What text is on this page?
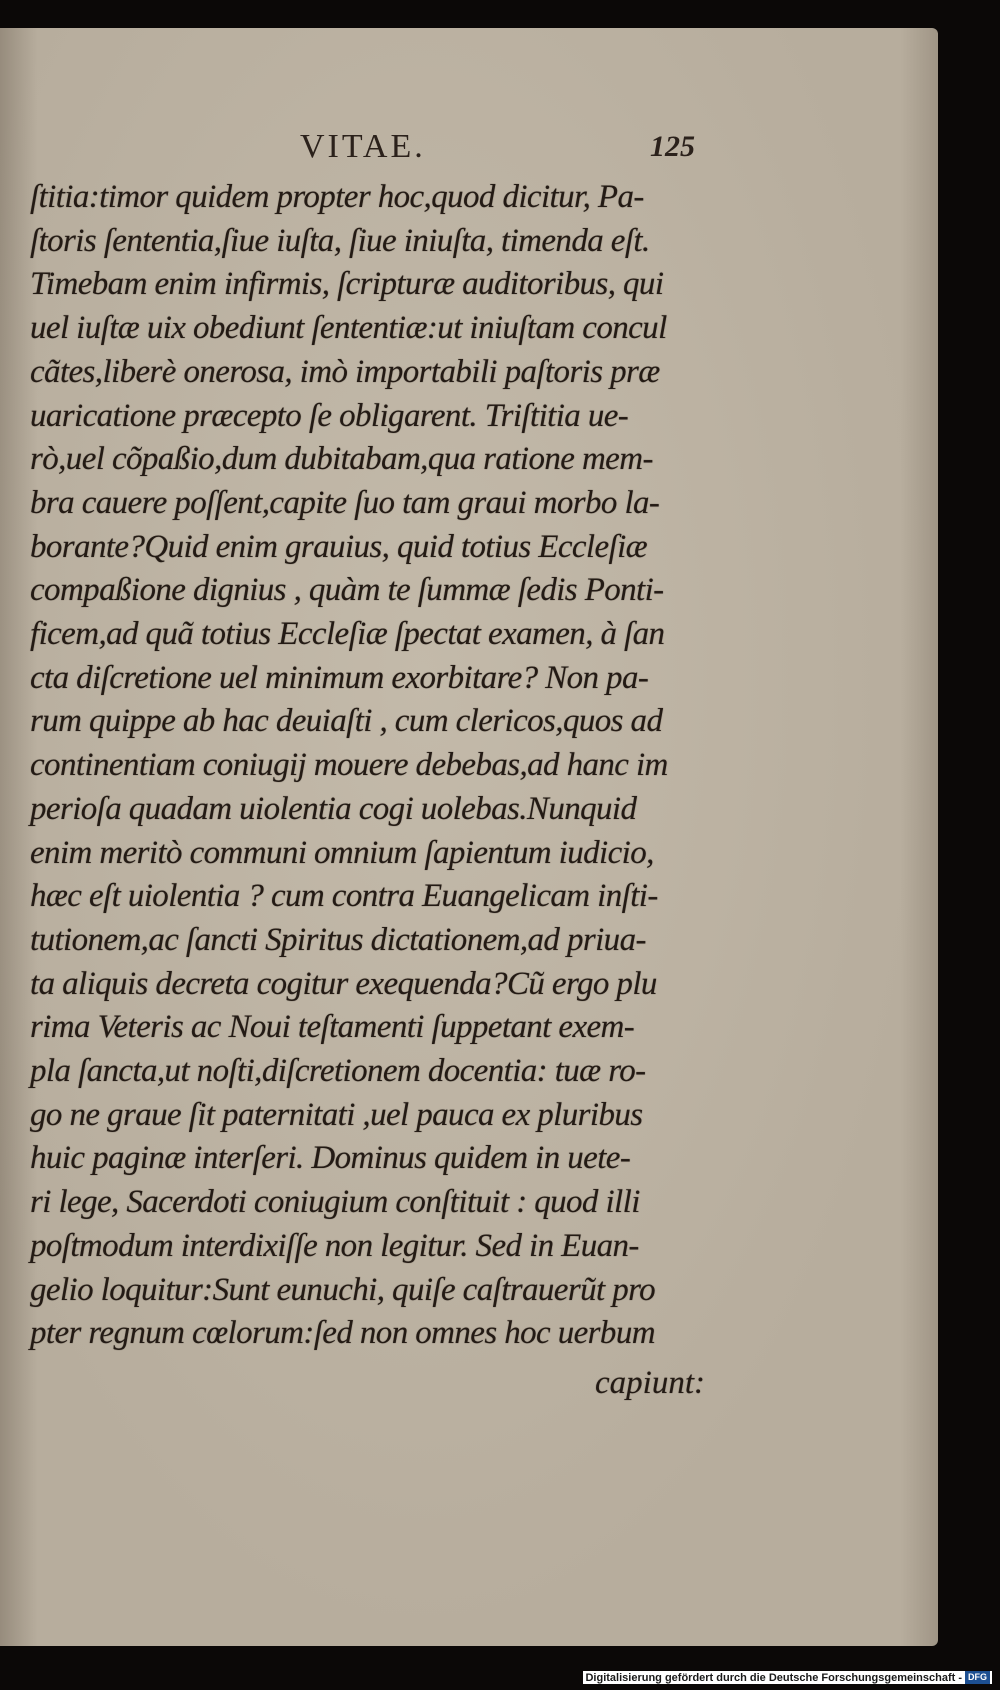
VITAE.	125
ſtitia:timor quidem propter hoc,quod dicitur, Pa-
ſtoris ſententia,ſiue iuſta, ſiue iniuſta, timenda eſt.
Timebam enim infirmis, ſcripturæ auditoribus, qui
uel iuſtæ uix obediunt ſententiæ:ut iniuſtam concul
cãtes,liberè onerosa, imò importabili paſtoris præ
uaricatione præcepto ſe obligarent. Triſtitia ue-
rò,uel cõpaßio,dum dubitabam,qua ratione mem-
bra cauere poſſent,capite ſuo tam graui morbo la-
borante?Quid enim grauius, quid totius Eccleſiæ
compaßione dignius , quàm te ſummæ ſedis Ponti-
ficem,ad quã totius Eccleſiæ ſpectat examen, à ſan
cta diſcretione uel minimum exorbitare? Non pa-
rum quippe ab hac deuiaſti , cum clericos,quos ad
continentiam coniugij mouere debebas,ad hanc im
perioſa quadam uiolentia cogi uolebas.Nunquid
enim meritò communi omnium ſapientum iudicio,
hæc eſt uiolentia ? cum contra Euangelicam inſti-
tutionem,ac ſancti Spiritus dictationem,ad priua-
ta aliquis decreta cogitur exequenda?Cũ ergo plu
rima Veteris ac Noui teſtamenti ſuppetant exem-
pla ſancta,ut noſti,diſcretionem docentia: tuæ ro-
go ne graue ſit paternitati ,uel pauca ex pluribus
huic paginæ interſeri. Dominus quidem in uete-
ri lege, Sacerdoti coniugium conſtituit : quod illi
poſtmodum interdixiſſe non legitur. Sed in Euan-
gelio loquitur:Sunt eunuchi, quiſe caſtrauerũt pro
pter regnum cœlorum:ſed non omnes hoc uerbum
capiunt:
Digitalisierung gefördert durch die Deutsche Forschungsgemeinschaft - DFG
